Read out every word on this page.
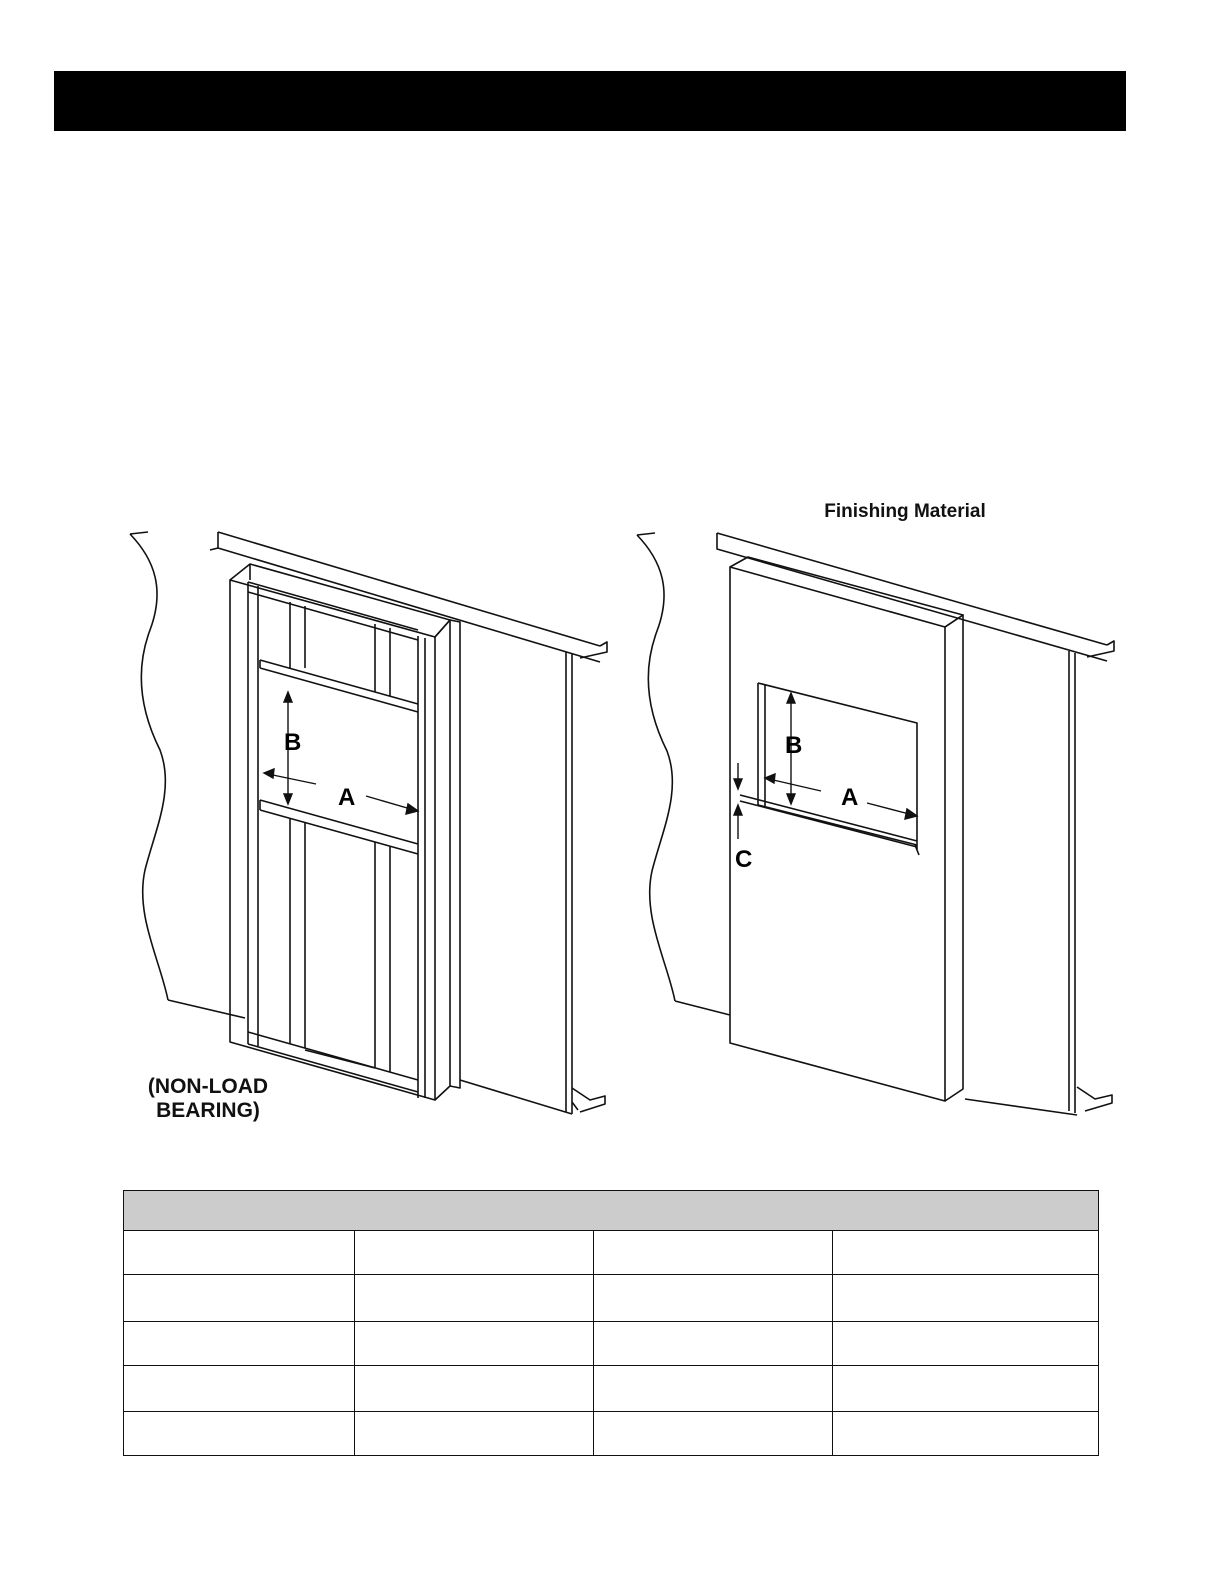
B
A
B
A
C
(NON-LOAD
BEARING)
Finishing Material
